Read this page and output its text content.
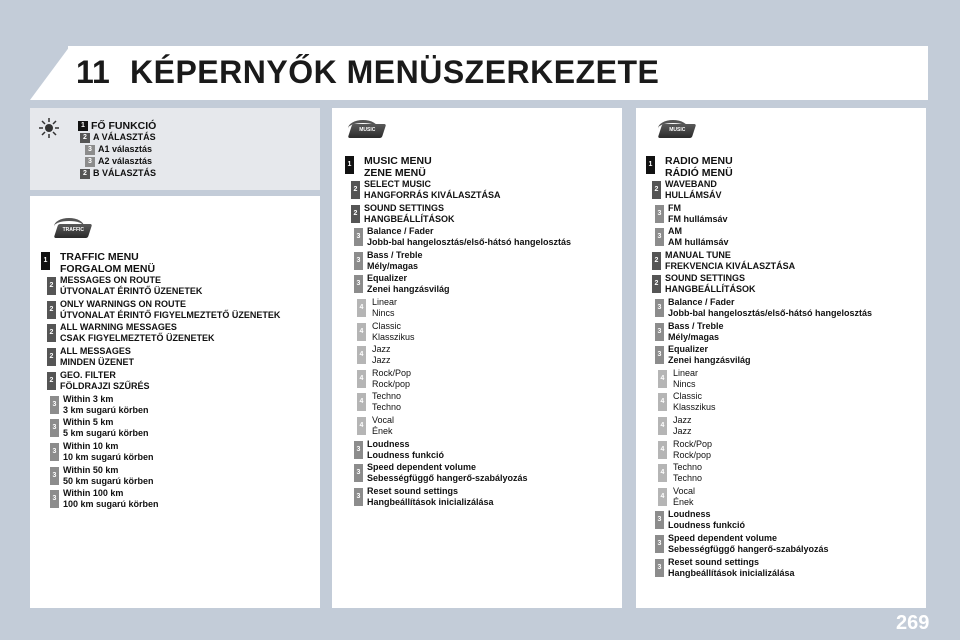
11 KÉPERNYŐK MENÜSZERKEZETE
1 FŐ FUNKCIÓ
2 A VÁLASZTÁS
3 A1 választás
3 A2 választás
2 B VÁLASZTÁS
TRAFFIC
1 TRAFFIC MENU
FORGALOM MENÜ
2
MESSAGES ON ROUTE
ÚTVONALAT ÉRINTŐ ÜZENETEK
2
ONLY WARNINGS ON ROUTE
ÚTVONALAT ÉRINTŐ FIGYELMEZTETŐ ÜZENETEK
2
ALL WARNING MESSAGES
CSAK FIGYELMEZTETŐ ÜZENETEK
2
ALL MESSAGES
MINDEN ÜZENET
2
GEO. FILTER
FÖLDRAJZI SZŰRÉS
3
Within 3 km
3 km sugarú körben
3
Within 5 km
5 km sugarú körben
3
Within 10 km
10 km sugarú körben
3
Within 50 km
50 km sugarú körben
3
Within 100 km
100 km sugarú körben
MUSIC
1 MUSIC MENU
ZENE MENÜ
2
SELECT MUSIC
HANGFORRÁS KIVÁLASZTÁSA
2
SOUND SETTINGS
HANGBEÁLLÍTÁSOK
3
Balance / Fader
Jobb-bal hangelosztás/első-hátsó hangelosztás
3
Bass / Treble
Mély/magas
3
Equalizer
Zenei hangzásvilág
4
Linear
Nincs
4
Classic
Klasszikus
4
Jazz
Jazz
4
Rock/Pop
Rock/pop
4
Techno
Techno
4
Vocal
Ének
3
Loudness
Loudness funkció
3
Speed dependent volume
Sebességfüggő hangerő-szabályozás
3
Reset sound settings
Hangbeállítások inicializálása
MUSIC
1 RADIO MENU
RÁDIÓ MENÜ
2
WAVEBAND
HULLÁMSÁV
3
FM
FM hullámsáv
3
AM
AM hullámsáv
2
MANUAL TUNE
FREKVENCIA KIVÁLASZTÁSA
2
SOUND SETTINGS
HANGBEÁLLÍTÁSOK
3
Balance / Fader
Jobb-bal hangelosztás/első-hátsó hangelosztás
3
Bass / Treble
Mély/magas
3
Equalizer
Zenei hangzásvilág
4
Linear
Nincs
4
Classic
Klasszikus
4
Jazz
Jazz
4
Rock/Pop
Rock/pop
4
Techno
Techno
4
Vocal
Ének
3
Loudness
Loudness funkció
3
Speed dependent volume
Sebességfüggő hangerő-szabályozás
3
Reset sound settings
Hangbeállítások inicializálása
269
